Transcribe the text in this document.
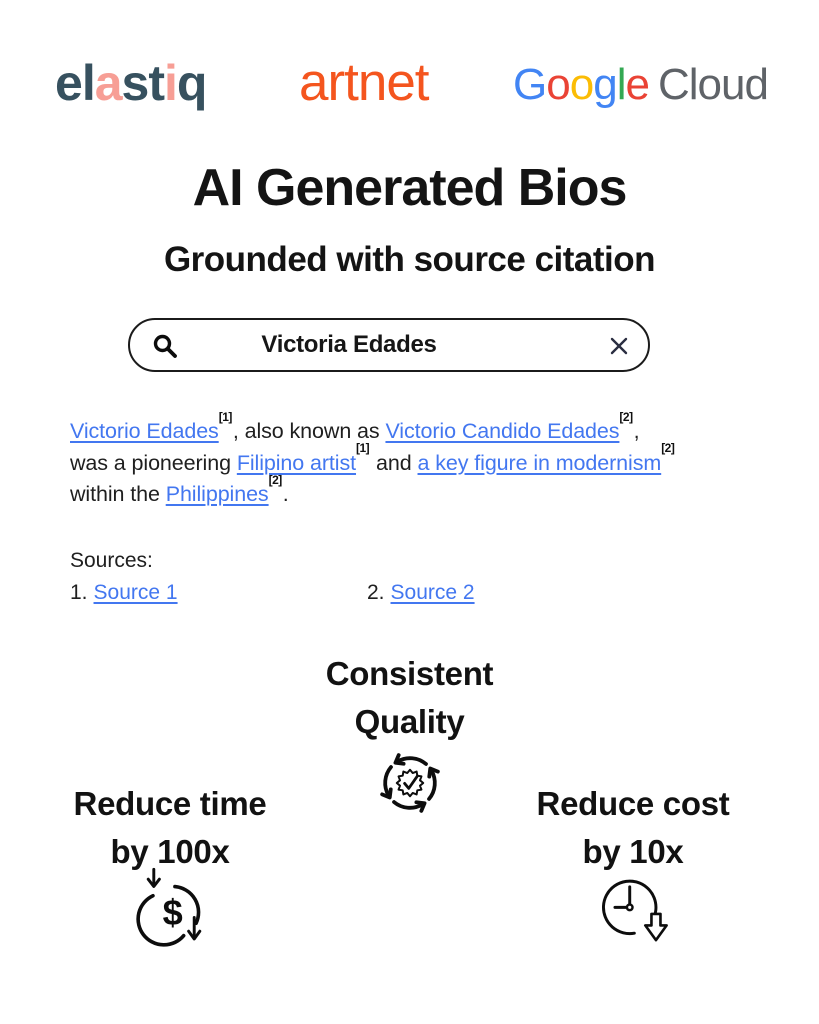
elastiq artnet Google Cloud
AI Generated Bios
Grounded with source citation
Victoria Edades

Victorio Edades[1], also known as Victorio Candido Edades[2],
was a pioneering Filipino artist[1] and a key figure in modernism[2]
within the Philippines[2].

Sources:
1. Source 1	2. Source 2
Consistent
Quality
Reduce time
by 100x
$
Reduce cost
by 10x
